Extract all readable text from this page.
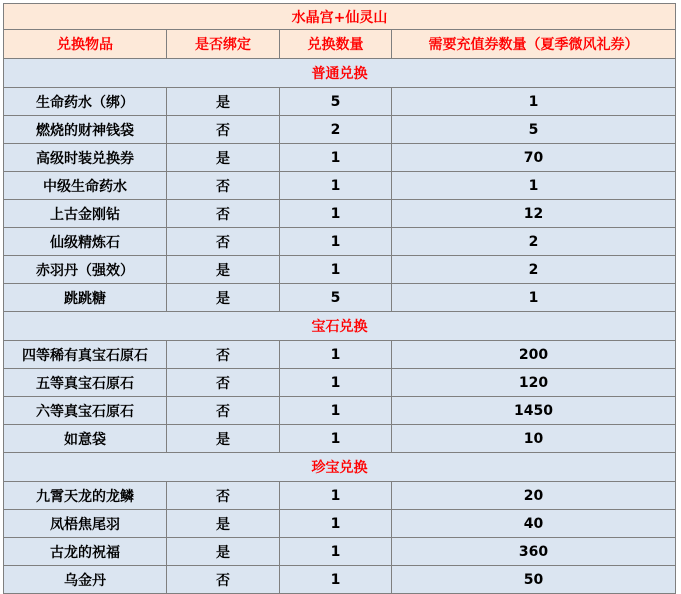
水晶宫+仙灵山			
兑换物品	是否绑定	兑换数量	需要充值券数量（夏季微风礼券）
普通兑换			
生命药水（绑）	是	5	1
燃烧的财神钱袋	否	2	5
高级时装兑换券	是	1	70
中级生命药水	否	1	1
上古金刚钻	否	1	12
仙级精炼石	否	1	2
赤羽丹（强效）	是	1	2
跳跳糖	是	5	1
宝石兑换			
四等稀有真宝石原石	否	1	200
五等真宝石原石	否	1	120
六等真宝石原石	否	1	1450
如意袋	是	1	10
珍宝兑换			
九霄天龙的龙鳞	否	1	20
凤梧焦尾羽	是	1	40
古龙的祝福	是	1	360
乌金丹	否	1	50
